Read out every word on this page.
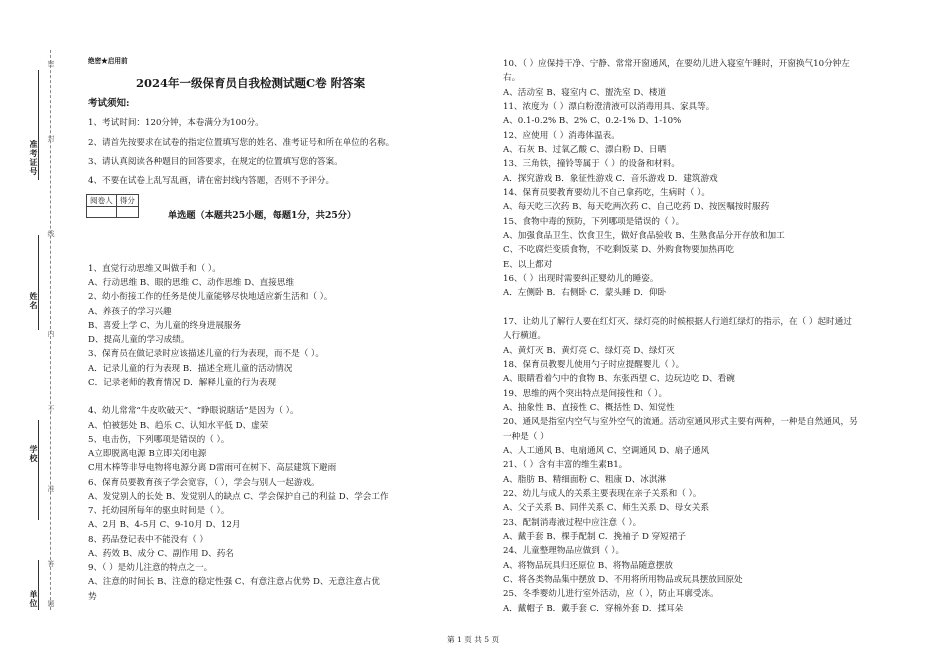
准考证号
姓名
学校
单位
密
封
线
内
不
准
答
题
绝密★启用前
2024年一级保育员自我检测试题C卷 附答案
考试须知:
1、考试时间：120分钟，本卷满分为100分。
2、请首先按要求在试卷的指定位置填写您的姓名、准考证号和所在单位的名称。
3、请认真阅读各种题目的回答要求，在规定的位置填写您的答案。
4、不要在试卷上乱写乱画，请在密封线内答题，否则不予评分。
阅卷人	得分

单选题（本题共25小题，每题1分，共25分）
1、直觉行动思维又叫做手和（ ）。
A、行动思维 B、眼的思维 C、动作思维 D、直接思维
2、幼小衔接工作的任务是使儿童能够尽快地适应新生活和（ ）。
A、养孩子的学习兴趣
B、喜爱上学 C、为儿童的终身进展服务
D、提高儿童的学习成绩。
3、保育员在做记录时应该描述儿童的行为表现，而不是（ ）。
A．记录儿童的行为表现 B．描述全班儿童的活动情况
C．记录老师的教育情况 D．解释儿童的行为表现
4、幼儿常常“牛皮吹破天”、“睁眼说瞎话”是因为（ ）。
A、怕被惩处 B、趋乐 C、认知水平低 D、虚荣
5、电击伤，下列哪项是错误的（ ）。
A立即脱离电源 B立即关闭电源
C用木棒等非导电物将电源分离 D雷雨可在树下、高层建筑下避雨
6、保育员要教育孩子学会宽容，（ ），学会与别人一起游戏。
A、发觉别人的长处 B、发觉别人的缺点 C、学会保护自己的利益 D、学会工作
7、托幼园所每年的驱虫时间是（ ）。
A、2月 B、4-5月 C、9-10月 D、12月
8、药品登记表中不能没有（ ）
A、药效 B、成分 C、副作用 D、药名
9、（ ）是幼儿注意的特点之一。
A、注意的时间长 B、注意的稳定性强 C、有意注意占优势 D、无意注意占优
势
10、（ ）应保持干净、宁静、常常开窗通风，在要幼儿进入寝室午睡时，开窗换气10分钟左
右。
A、活动室 B、寝室内 C、盥洗室 D、楼道
11、浓度为（ ）漂白粉澄清液可以消毒用具、家具等。
A、0.1-0.2% B、2% C、0.2-1% D、1-10%
12、应使用（ ）消毒体温表。
A、石灰 B、过氧乙酸 C、漂白粉 D、日晒
13、三角铁，撞铃等属于（ ）的设备和材料。
A．探究游戏 B．象征性游戏 C．音乐游戏 D．建筑游戏
14、保育员要教育要幼儿不自己拿药吃，生病时（ ）。
A、每天吃三次药 B、每天吃两次药 C、自己吃药 D、按医嘱按时服药
15、食物中毒的预防，下列哪项是错误的（ ）。
A、加强食品卫生、饮食卫生，做好食品验收 B、生熟食品分开存放和加工
C、不吃腐烂变质食物，不吃剩饭菜 D、外购食物要加热再吃
E、以上都对
16、（ ）出现时需要纠正婴幼儿的睡姿。
A．左侧卧 B．右侧卧 C．蒙头睡 D．仰卧
17、让幼儿了解行人要在红灯灭、绿灯亮的时候根据人行道红绿灯的指示，在（ ）起时通过
人行横道。
A、黄灯灭 B、黄灯亮 C、绿灯亮 D、绿灯灭
18、保育员教婴儿使用勺子时应提醒婴儿（ ）。
A、眼睛看着勺中的食物 B、东张西望 C、边玩边吃 D、看碗
19、思维的两个突出特点是间接性和（ ）。
A、抽象性 B、直接性 C、概括性 D、知觉性
20、通风是指室内空气与室外空气的流通。活动室通风形式主要有两种，一种是自然通风，另
一种是（ ）
A、人工通风 B、电扇通风 C、空调通风 D、扇子通风
21、（ ）含有丰富的维生素B1。
A、脂肪 B、精细面粉 C、粗康 D、冰淇淋
22、幼儿与成人的关系主要表现在亲子关系和（ ）。
A、父子关系 B、同伴关系 C、师生关系 D、母女关系
23、配制消毒液过程中应注意（ ）。
A、戴手套 B、棵手配制 C．挽袖子 D 穿短裙子
24、儿童整理物品应做到（ ）。
A、将物品玩具归还原位 B、将物品随意摆放
C、将各类物品集中摆放 D、不用将所用物品或玩具摆放回原处
25、冬季婴幼儿进行室外活动，应（ ），防止耳廓受冻。
A．戴帽子 B．戴手套 C．穿棉外套 D．揉耳朵
第 1 页 共 5 页
